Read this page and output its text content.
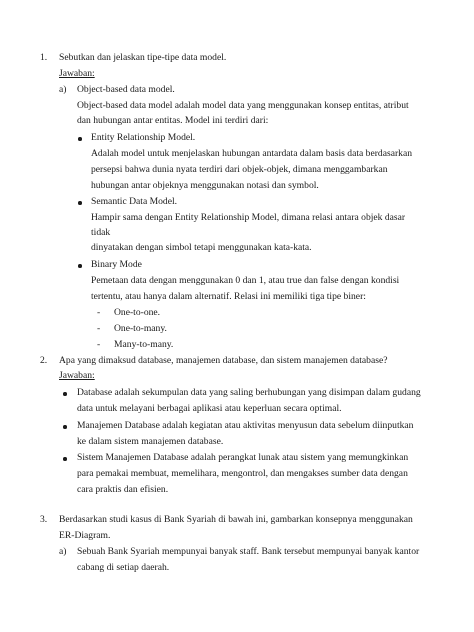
1. Sebutkan dan jelaskan tipe-tipe data model.
Jawaban:
a) Object-based data model.
Object-based data model adalah model data yang menggunakan konsep entitas, atribut
dan hubungan antar entitas. Model ini terdiri dari:
Entity Relationship Model.
Adalah model untuk menjelaskan hubungan antardata dalam basis data berdasarkan
persepsi bahwa dunia nyata terdiri dari objek-objek, dimana menggambarkan
hubungan antar objeknya menggunakan notasi dan symbol.
Semantic Data Model.
Hampir sama dengan Entity Relationship Model, dimana relasi antara objek dasar
tidak
dinyatakan dengan simbol tetapi menggunakan kata-kata.
Binary Mode
Pemetaan data dengan menggunakan 0 dan 1, atau true dan false dengan kondisi
tertentu, atau hanya dalam alternatif. Relasi ini memiliki tiga tipe biner:
- One-to-one.
- One-to-many.
- Many-to-many.
2. Apa yang dimaksud database, manajemen database, dan sistem manajemen database?
Jawaban:
Database adalah sekumpulan data yang saling berhubungan yang disimpan dalam gudang
data untuk melayani berbagai aplikasi atau keperluan secara optimal.
Manajemen Database adalah kegiatan atau aktivitas menyusun data sebelum diinputkan
ke dalam sistem manajemen database.
Sistem Manajemen Database adalah perangkat lunak atau sistem yang memungkinkan
para pemakai membuat, memelihara, mengontrol, dan mengakses sumber data dengan
cara praktis dan efisien.
3. Berdasarkan studi kasus di Bank Syariah di bawah ini, gambarkan konsepnya menggunakan
ER-Diagram.
a) Sebuah Bank Syariah mempunyai banyak staff. Bank tersebut mempunyai banyak kantor
cabang di setiap daerah.
